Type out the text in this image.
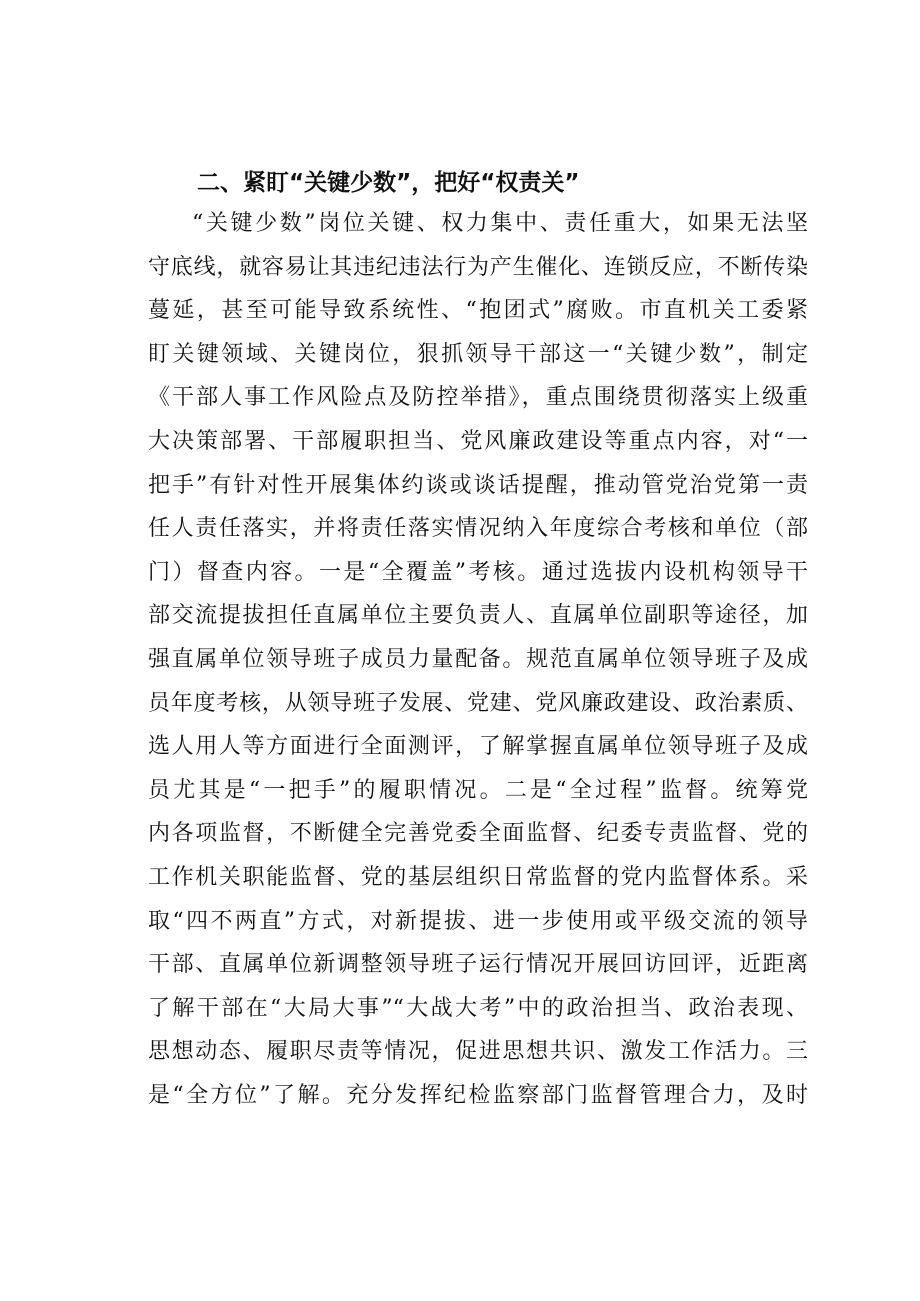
二、紧盯“关键少数”，把好“权责关”
“关键少数”岗位关键、权力集中、责任重大，如果无法坚
守底线，就容易让其违纪违法行为产生催化、连锁反应，不断传染
蔓延，甚至可能导致系统性、“抱团式”腐败。市直机关工委紧
盯关键领域、关键岗位，狠抓领导干部这一“关键少数”，制定
《干部人事工作风险点及防控举措》，重点围绕贯彻落实上级重
大决策部署、干部履职担当、党风廉政建设等重点内容，对“一
把手”有针对性开展集体约谈或谈话提醒，推动管党治党第一责
任人责任落实，并将责任落实情况纳入年度综合考核和单位（部
门）督查内容。一是“全覆盖”考核。通过选拔内设机构领导干
部交流提拔担任直属单位主要负责人、直属单位副职等途径，加
强直属单位领导班子成员力量配备。规范直属单位领导班子及成
员年度考核，从领导班子发展、党建、党风廉政建设、政治素质、
选人用人等方面进行全面测评，了解掌握直属单位领导班子及成
员尤其是“一把手”的履职情况。二是“全过程”监督。统筹党
内各项监督，不断健全完善党委全面监督、纪委专责监督、党的
工作机关职能监督、党的基层组织日常监督的党内监督体系。采
取“四不两直”方式，对新提拔、进一步使用或平级交流的领导
干部、直属单位新调整领导班子运行情况开展回访回评，近距离
了解干部在“大局大事”“大战大考”中的政治担当、政治表现、
思想动态、履职尽责等情况，促进思想共识、激发工作活力。三
是“全方位”了解。充分发挥纪检监察部门监督管理合力，及时
